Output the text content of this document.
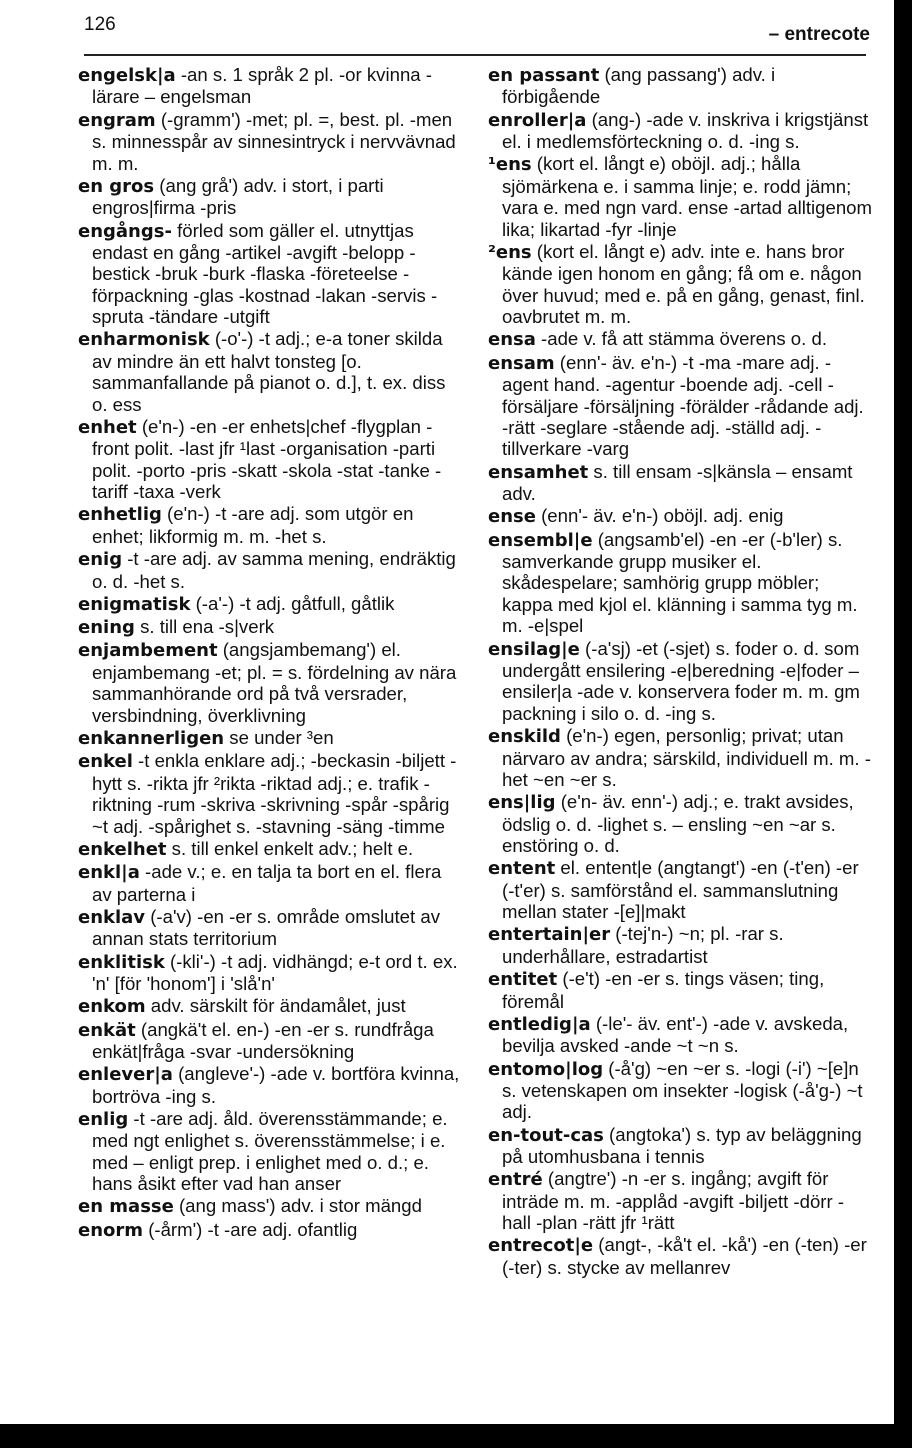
126	– entrecote

engelsk|a -an s. 1 språk 2 pl. -or kvinna -lärare – engelsman

engram (-gramm') -met; pl. =, best. pl. -men s. minnesspår av sinnesintryck i nervvävnad m. m.

en gros (ang grå') adv. i stort, i parti engros|firma -pris

engångs- förled som gäller el. utnyttjas endast en gång -artikel -avgift -belopp -bestick -bruk -burk -flaska -företeelse -förpackning -glas -kostnad -lakan -servis -spruta -tändare -utgift

enharmonisk (-o'-) -t adj.; e-a toner skilda av mindre än ett halvt tonsteg [o. sammanfallande på pianot o. d.], t. ex. diss o. ess

enhet (e'n-) -en -er enhets|chef -flygplan -front polit. -last jfr ¹last -organisation -parti polit. -porto -pris -skatt -skola -stat -tanke -tariff -taxa -verk

enhetlig (e'n-) -t -are adj. som utgör en enhet; likformig m. m. -het s.

enig -t -are adj. av samma mening, endräktig o. d. -het s.

enigmatisk (-a'-) -t adj. gåtfull, gåtlik

ening s. till ena -s|verk

enjambement (angsjambemang') el. enjambemang -et; pl. = s. fördelning av nära sammanhörande ord på två versrader, versbindning, överklivning

enkannerligen se under ³en

enkel -t enkla enklare adj.; -beckasin -biljett -hytt s. -rikta jfr ²rikta -riktad adj.; e. trafik -riktning -rum -skriva -skrivning -spår -spårig ~t adj. -spårighet s. -stavning -säng -timme

enkelhet s. till enkel enkelt adv.; helt e.

enkl|a -ade v.; e. en talja ta bort en el. flera av parterna i

enklav (-a'v) -en -er s. område omslutet av annan stats territorium

enklitisk (-kli'-) -t adj. vidhängd; e-t ord t. ex. 'n' [för 'honom'] i 'slå'n'

enkom adv. särskilt för ändamålet, just

enkät (angkä't el. en-) -en -er s. rundfråga enkät|fråga -svar -undersökning

enlever|a (angleve'-) -ade v. bortföra kvinna, bortröva -ing s.

enlig -t -are adj. åld. överensstämmande; e. med ngt enlighet s. överensstämmelse; i e. med – enligt prep. i enlighet med o. d.; e. hans åsikt efter vad han anser

en masse (ang mass') adv. i stor mängd

enorm (-årm') -t -are adj. ofantlig

en passant (ang passang') adv. i förbigående

enroller|a (ang-) -ade v. inskriva i krigstjänst el. i medlemsförteckning o. d. -ing s.

¹ens (kort el. långt e) oböjl. adj.; hålla sjömärkena e. i samma linje; e. rodd jämn; vara e. med ngn vard. ense -artad alltigenom lika; likartad -fyr -linje

²ens (kort el. långt e) adv. inte e. hans bror kände igen honom en gång; få om e. någon över huvud; med e. på en gång, genast, finl. oavbrutet m. m.

ensa -ade v. få att stämma överens o. d.

ensam (enn'- äv. e'n-) -t -ma -mare adj. -agent hand. -agentur -boende adj. -cell -försäljare -försäljning -förälder -rådande adj. -rätt -seglare -stående adj. -ställd adj. -tillverkare -varg

ensamhet s. till ensam -s|känsla – ensamt adv.

ense (enn'- äv. e'n-) oböjl. adj. enig

ensembl|e (angsamb'el) -en -er (-b'ler) s. samverkande grupp musiker el. skådespelare; samhörig grupp möbler; kappa med kjol el. klänning i samma tyg m. m. -e|spel

ensilag|e (-a'sj) -et (-sjet) s. foder o. d. som undergått ensilering -e|beredning -e|foder – ensiler|a -ade v. konservera foder m. m. gm packning i silo o. d. -ing s.

enskild (e'n-) egen, personlig; privat; utan närvaro av andra; särskild, individuell m. m. -het ~en ~er s.

ens|lig (e'n- äv. enn'-) adj.; e. trakt avsides, ödslig o. d. -lighet s. – ensling ~en ~ar s. enstöring o. d.

entent el. entent|e (angtangt') -en (-t'en) -er (-t'er) s. samförstånd el. sammanslutning mellan stater -[e]|makt

entertain|er (-tej'n-) ~n; pl. -rar s. underhållare, estradartist

entitet (-e't) -en -er s. tings väsen; ting, föremål

entledig|a (-le'- äv. ent'-) -ade v. avskeda, bevilja avsked -ande ~t ~n s.

entomo|log (-å'g) ~en ~er s. -logi (-i') ~[e]n s. vetenskapen om insekter -logisk (-å'g-) ~t adj.

en-tout-cas (angtoka') s. typ av beläggning på utomhusbana i tennis

entré (angtre') -n -er s. ingång; avgift för inträde m. m. -applåd -avgift -biljett -dörr -hall -plan -rätt jfr ¹rätt

entrecot|e (angt-, -kå't el. -kå') -en (-ten) -er (-ter) s. stycke av mellanrev
